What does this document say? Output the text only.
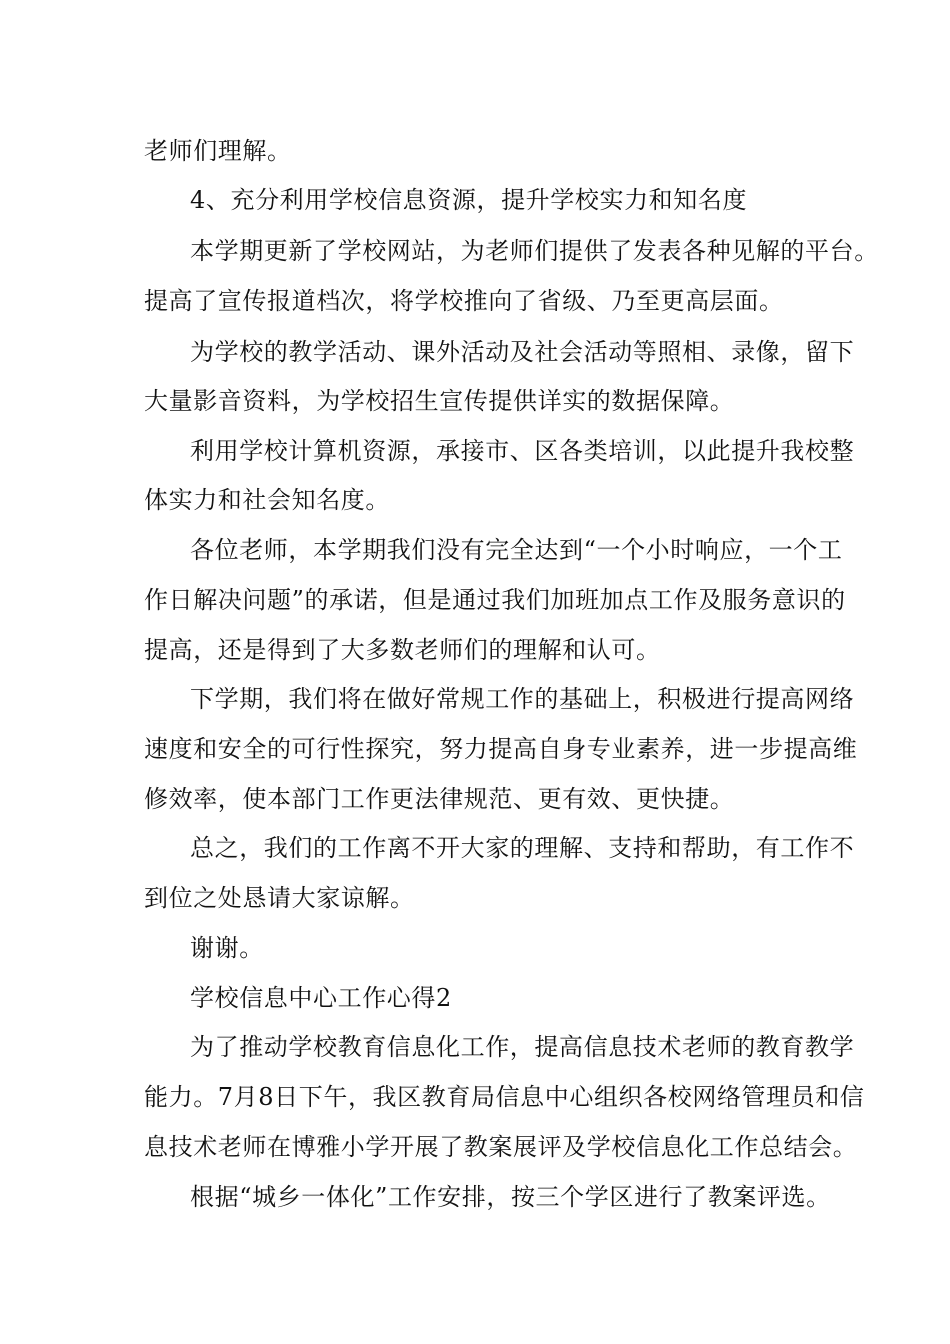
老师们理解。

4、充分利用学校信息资源，提升学校实力和知名度

本学期更新了学校网站，为老师们提供了发表各种见解的平台。

提高了宣传报道档次，将学校推向了省级、乃至更高层面。

为学校的教学活动、课外活动及社会活动等照相、录像，留下

大量影音资料，为学校招生宣传提供详实的数据保障。

利用学校计算机资源，承接市、区各类培训，以此提升我校整

体实力和社会知名度。

各位老师，本学期我们没有完全达到“一个小时响应，一个工

作日解决问题”的承诺，但是通过我们加班加点工作及服务意识的

提高，还是得到了大多数老师们的理解和认可。

下学期，我们将在做好常规工作的基础上，积极进行提高网络

速度和安全的可行性探究，努力提高自身专业素养，进一步提高维

修效率，使本部门工作更法律规范、更有效、更快捷。

总之，我们的工作离不开大家的理解、支持和帮助，有工作不

到位之处恳请大家谅解。

谢谢。

学校信息中心工作心得2

为了推动学校教育信息化工作，提高信息技术老师的教育教学

能力。7月8日下午，我区教育局信息中心组织各校网络管理员和信

息技术老师在博雅小学开展了教案展评及学校信息化工作总结会。

根据“城乡一体化”工作安排，按三个学区进行了教案评选。
